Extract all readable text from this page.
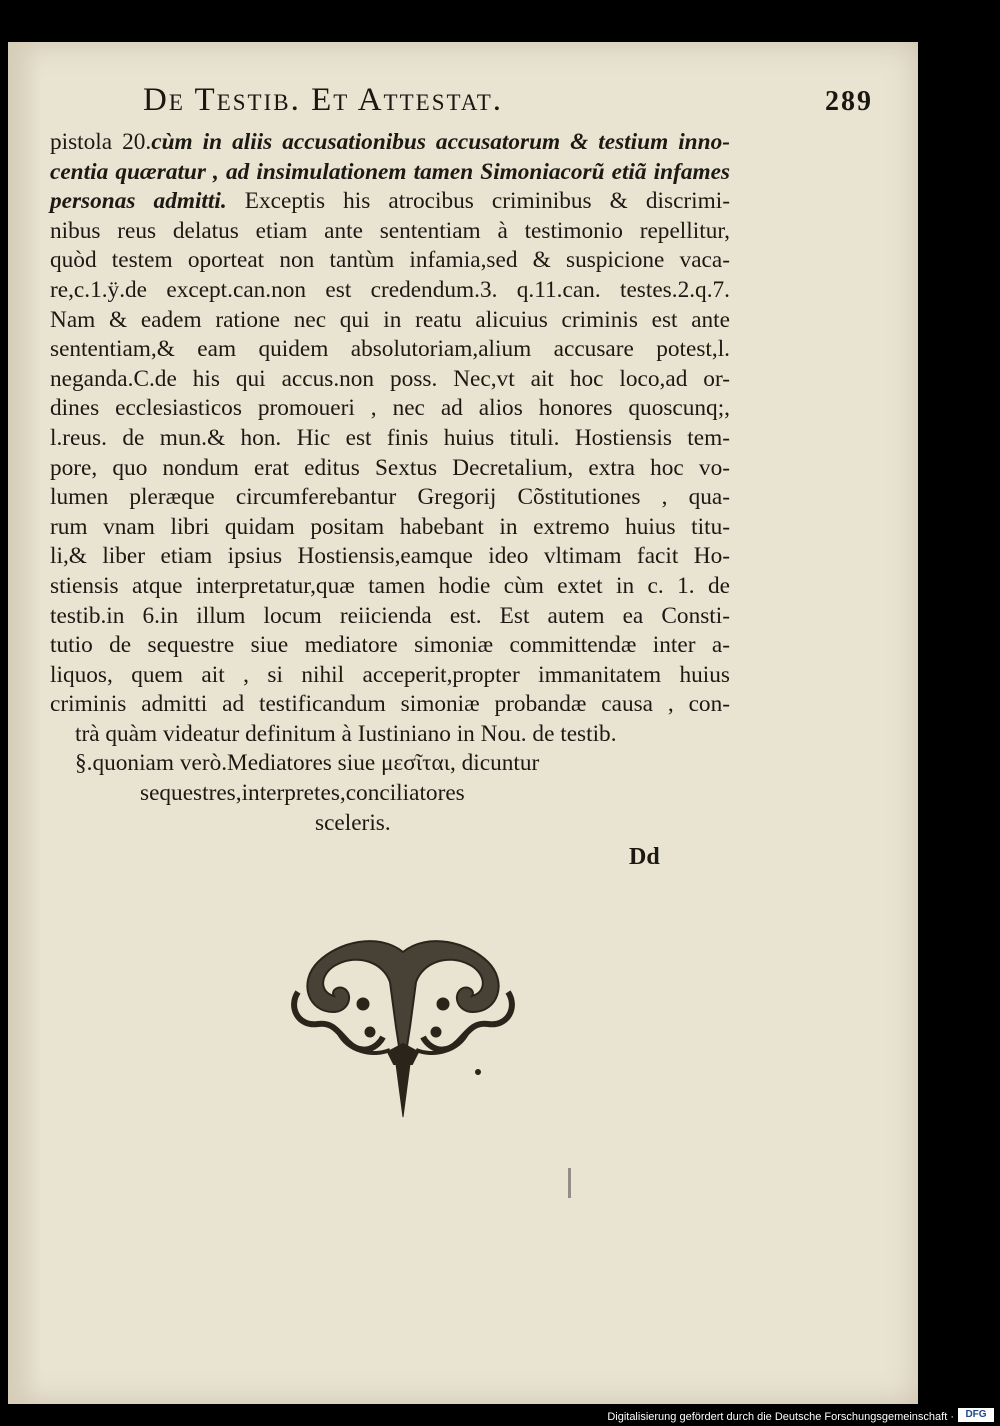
De Testib. Et Attestat.	289
pistola 20.cùm in aliis accusationibus accusatorum & testium inno-
centia quæratur , ad insimulationem tamen Simoniacorũ etiã infames
personas admitti. Exceptis his atrocibus criminibus & discrimi-
nibus reus delatus etiam ante sententiam à testimonio repellitur,
quòd testem oporteat non tantùm infamia,sed & suspicione vaca-
re,c.1.ÿ.de except.can.non est credendum.3. q.11.can. testes.2.q.7.
Nam & eadem ratione nec qui in reatu alicuius criminis est ante
sententiam,& eam quidem absolutoriam,alium accusare potest,l.
neganda.C.de his qui accus.non poss. Nec,vt ait hoc loco,ad or-
dines ecclesiasticos promoueri , nec ad alios honores quoscunq;,
l.reus. de mun.& hon. Hic est finis huius tituli. Hostiensis tem-
pore, quo nondum erat editus Sextus Decretalium, extra hoc vo-
lumen pleræque circumferebantur Gregorij Cõstitutiones , qua-
rum vnam libri quidam positam habebant in extremo huius titu-
li,& liber etiam ipsius Hostiensis,eamque ideo vltimam facit Ho-
stiensis atque interpretatur,quæ tamen hodie cùm extet in c. 1. de
testib.in 6.in illum locum reiicienda est. Est autem ea Consti-
tutio de sequestre siue mediatore simoniæ committendæ inter a-
liquos, quem ait , si nihil acceperit,propter immanitatem huius
criminis admitti ad testificandum simoniæ probandæ causa , con-
trà quàm videatur definitum à Iustiniano in Nou. de testib.
§.quoniam verò.Mediatores siue μεσῖται, dicuntur
sequestres,interpretes,conciliatores
sceleris.
Dd
Digitalisierung gefördert durch die Deutsche Forschungsgemeinschaft ·	DFG
